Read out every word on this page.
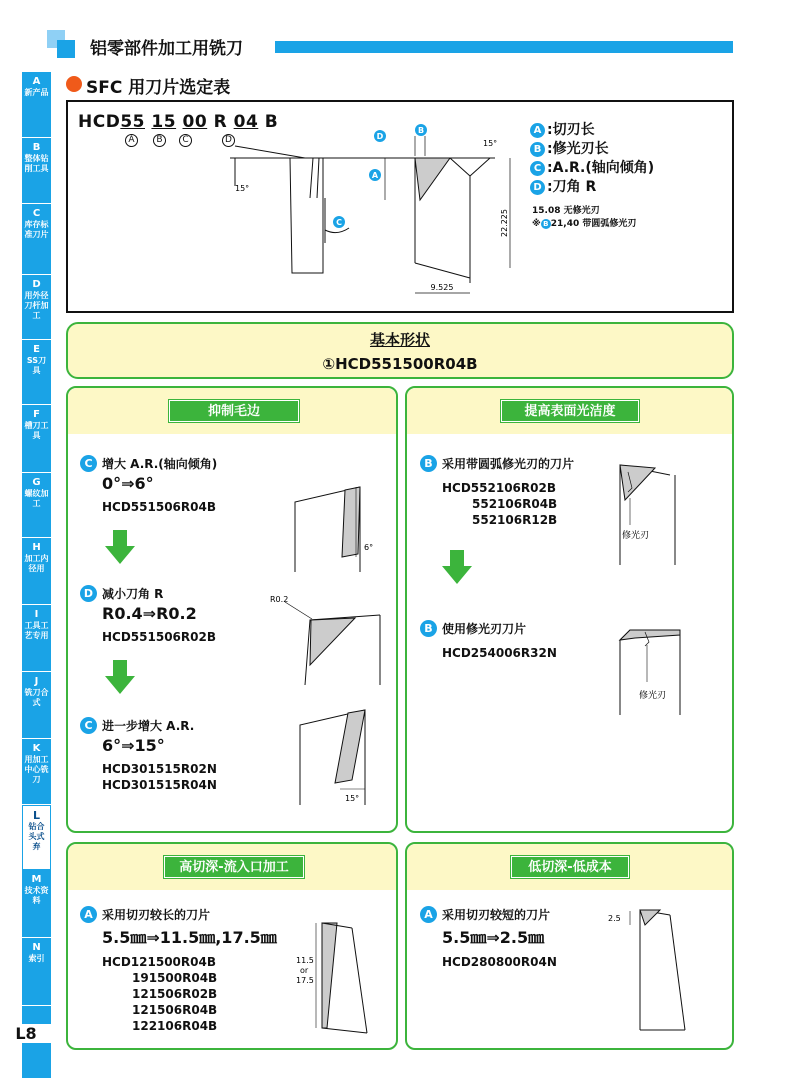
A
新产品
B
整体钻削工具
C
库存标准刀片
D
用外径刀杆加工
E
SS刀具
F
槽刀工具
G
螺纹加工
H
加工内径用
I
工具工艺专用
J
铣刀合式
K
用加工中心铣刀
L
钻合头式弃
M
技术资料
N
索引
L8
铝零部件加工用铣刀
SFC 用刀片选定表
HCD55 15 00 R 04 B
A	B	C	D
15°
C
D
B
A
15°
22.225
9.525
A :切刃长
B :修光刃长
C :A.R.(轴向倾角)
D :刀角 R
15.08 无修光刃
※ B 21,40 带圆弧修光刃
基本形状
①HCD551500R04B
抑制毛边
C 增大 A.R.(轴向倾角)
0°⇒6°
HCD551506R04B
6°
D 减小刀角 R
R0.4⇒R0.2
HCD551506R02B
R0.2
C 进一步增大 A.R.
6°⇒15°
HCD301515R02N
HCD301515R04N
15°
提高表面光洁度
B 采用带圆弧修光刃的刀片
HCD552106R02B
552106R04B
552106R12B
修光刃
B 使用修光刃刀片
HCD254006R32N
修光刃
高切深-流入口加工
A 采用切刃较长的刀片
5.5㎜⇒11.5㎜,17.5㎜
HCD121500R04B
191500R04B
121506R02B
121506R04B
122106R04B
11.5
or
17.5
低切深-低成本
A 采用切刃较短的刀片
5.5㎜⇒2.5㎜
HCD280800R04N
2.5
